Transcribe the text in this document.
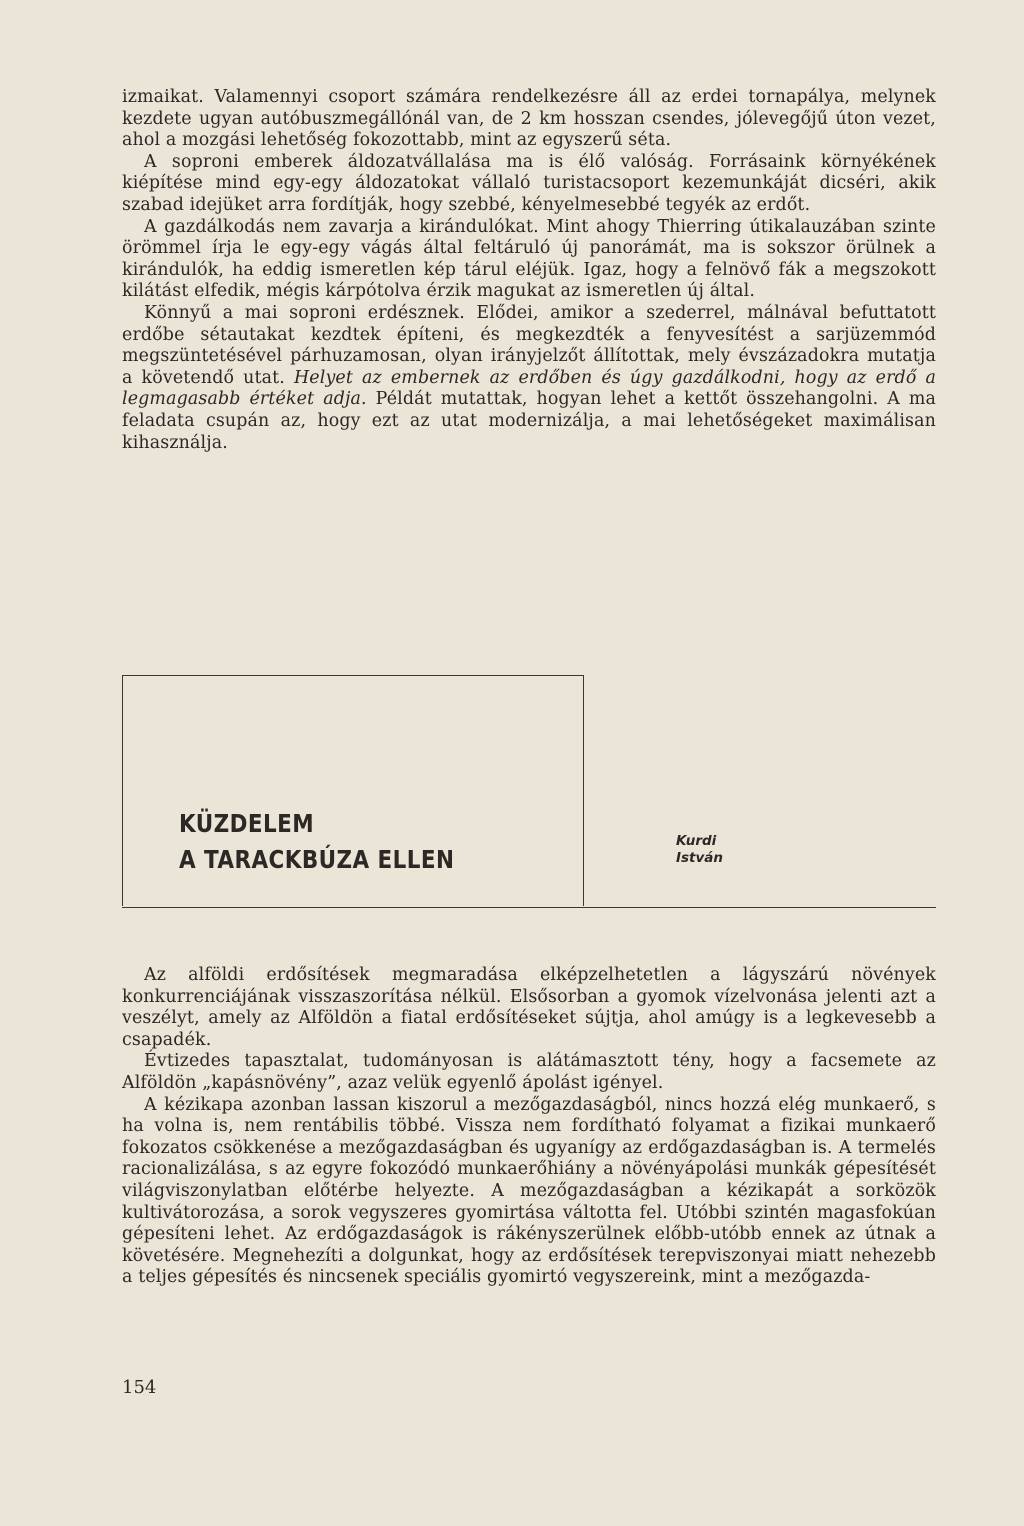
izmaikat. Valamennyi csoport számára rendelkezésre áll az erdei tornapálya, melynek kezdete ugyan autóbuszmegállónál van, de 2 km hosszan csendes, jólevegőjű úton vezet, ahol a mozgási lehetőség fokozottabb, mint az egyszerű séta.

A soproni emberek áldozatvállalása ma is élő valóság. Forrásaink környékének kiépítése mind egy-egy áldozatokat vállaló turistacsoport kezemunkáját dicséri, akik szabad idejüket arra fordítják, hogy szebbé, kényelmesebbé tegyék az erdőt.

A gazdálkodás nem zavarja a kirándulókat. Mint ahogy Thierring útikalauzában szinte örömmel írja le egy-egy vágás által feltáruló új panorámát, ma is sokszor örülnek a kirándulók, ha eddig ismeretlen kép tárul eléjük. Igaz, hogy a felnövő fák a megszokott kilátást elfedik, mégis kárpótolva érzik magukat az ismeretlen új által.

Könnyű a mai soproni erdésznek. Elődei, amikor a szederrel, málnával befuttatott erdőbe sétautakat kezdtek építeni, és megkezdték a fenyvesítést a sarjüzemmód megszüntetésével párhuzamosan, olyan irányjelzőt állítottak, mely évszázadokra mutatja a követendő utat. Helyet az embernek az erdőben és úgy gazdálkodni, hogy az erdő a legmagasabb értéket adja. Példát mutattak, hogyan lehet a kettőt összehangolni. A ma feladata csupán az, hogy ezt az utat modernizálja, a mai lehetőségeket maximálisan kihasználja.

KÜZDELEM
A TARACKBÚZA ELLEN
Kurdi
István

Az alföldi erdősítések megmaradása elképzelhetetlen a lágyszárú növények konkurrenciájának visszaszorítása nélkül. Elsősorban a gyomok vízelvonása jelenti azt a veszélyt, amely az Alföldön a fiatal erdősítéseket sújtja, ahol amúgy is a legkevesebb a csapadék.

Évtizedes tapasztalat, tudományosan is alátámasztott tény, hogy a facsemete az Alföldön „kapásnövény”, azaz velük egyenlő ápolást igényel.

A kézikapa azonban lassan kiszorul a mezőgazdaságból, nincs hozzá elég munkaerő, s ha volna is, nem rentábilis többé. Vissza nem fordítható folyamat a fizikai munkaerő fokozatos csökkenése a mezőgazdaságban és ugyanígy az erdőgazdaságban is. A termelés racionalizálása, s az egyre fokozódó munkaerőhiány a növényápolási munkák gépesítését világviszonylatban előtérbe helyezte. A mezőgazdaságban a kézikapát a sorközök kultivátorozása, a sorok vegyszeres gyomirtása váltotta fel. Utóbbi szintén magasfokúan gépesíteni lehet. Az erdőgazdaságok is rákényszerülnek előbb-utóbb ennek az útnak a követésére. Megnehezíti a dolgunkat, hogy az erdősítések terepviszonyai miatt nehezebb a teljes gépesítés és nincsenek speciális gyomirtó vegyszereink, mint a mezőgazda-

154
